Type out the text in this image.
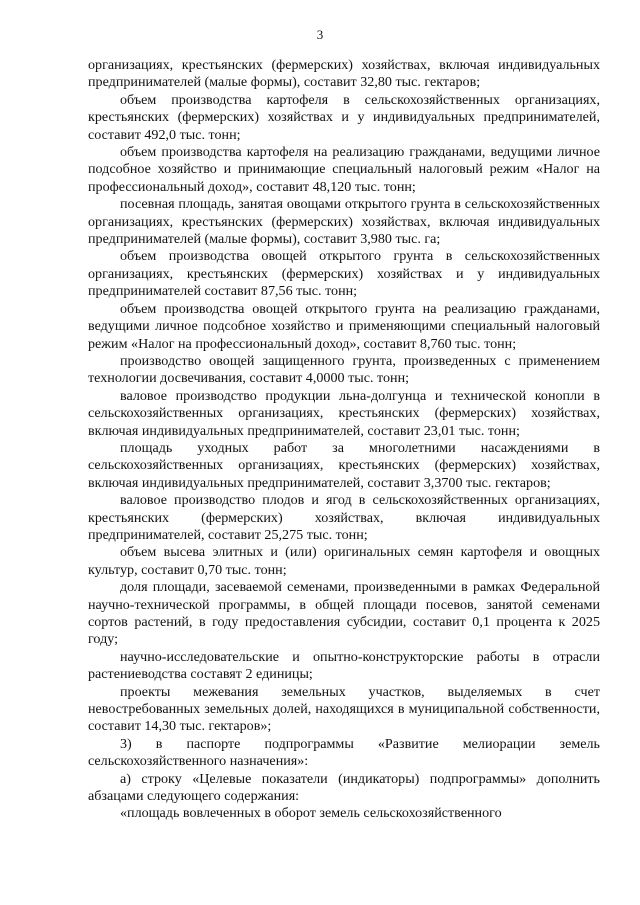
3

организациях, крестьянских (фермерских) хозяйствах, включая индивидуальных предпринимателей (малые формы), составит 32,80 тыс. гектаров;

объем производства картофеля в сельскохозяйственных организациях, крестьянских (фермерских) хозяйствах и у индивидуальных предпринимателей, составит 492,0 тыс. тонн;

объем производства картофеля на реализацию гражданами, ведущими личное подсобное хозяйство и принимающие специальный налоговый режим «Налог на профессиональный доход», составит 48,120 тыс. тонн;

посевная площадь, занятая овощами открытого грунта в сельскохозяйственных организациях, крестьянских (фермерских) хозяйствах, включая индивидуальных предпринимателей (малые формы), составит 3,980 тыс. га;

объем производства овощей открытого грунта в сельскохозяйственных организациях, крестьянских (фермерских) хозяйствах и у индивидуальных предпринимателей составит 87,56 тыс. тонн;

объем производства овощей открытого грунта на реализацию гражданами, ведущими личное подсобное хозяйство и применяющими специальный налоговый режим «Налог на профессиональный доход», составит 8,760 тыс. тонн;

производство овощей защищенного грунта, произведенных с применением технологии досвечивания, составит 4,0000 тыс. тонн;

валовое производство продукции льна-долгунца и технической конопли в сельскохозяйственных организациях, крестьянских (фермерских) хозяйствах, включая индивидуальных предпринимателей, составит 23,01 тыс. тонн;

площадь уходных работ за многолетними насаждениями в сельскохозяйственных организациях, крестьянских (фермерских) хозяйствах, включая индивидуальных предпринимателей, составит 3,3700 тыс. гектаров;

валовое производство плодов и ягод в сельскохозяйственных организациях, крестьянских (фермерских) хозяйствах, включая индивидуальных предпринимателей, составит 25,275 тыс. тонн;

объем высева элитных и (или) оригинальных семян картофеля и овощных культур, составит 0,70 тыс. тонн;

доля площади, засеваемой семенами, произведенными в рамках Федеральной научно-технической программы, в общей площади посевов, занятой семенами сортов растений, в году предоставления субсидии, составит 0,1 процента к 2025 году;

научно-исследовательские и опытно-конструкторские работы в отрасли растениеводства составят 2 единицы;

проекты межевания земельных участков, выделяемых в счет невостребованных земельных долей, находящихся в муниципальной собственности, составит 14,30 тыс. гектаров»;

3) в паспорте подпрограммы «Развитие мелиорации земель сельскохозяйственного назначения»:

а) строку «Целевые показатели (индикаторы) подпрограммы» дополнить абзацами следующего содержания:

«площадь вовлеченных в оборот земель сельскохозяйственного
